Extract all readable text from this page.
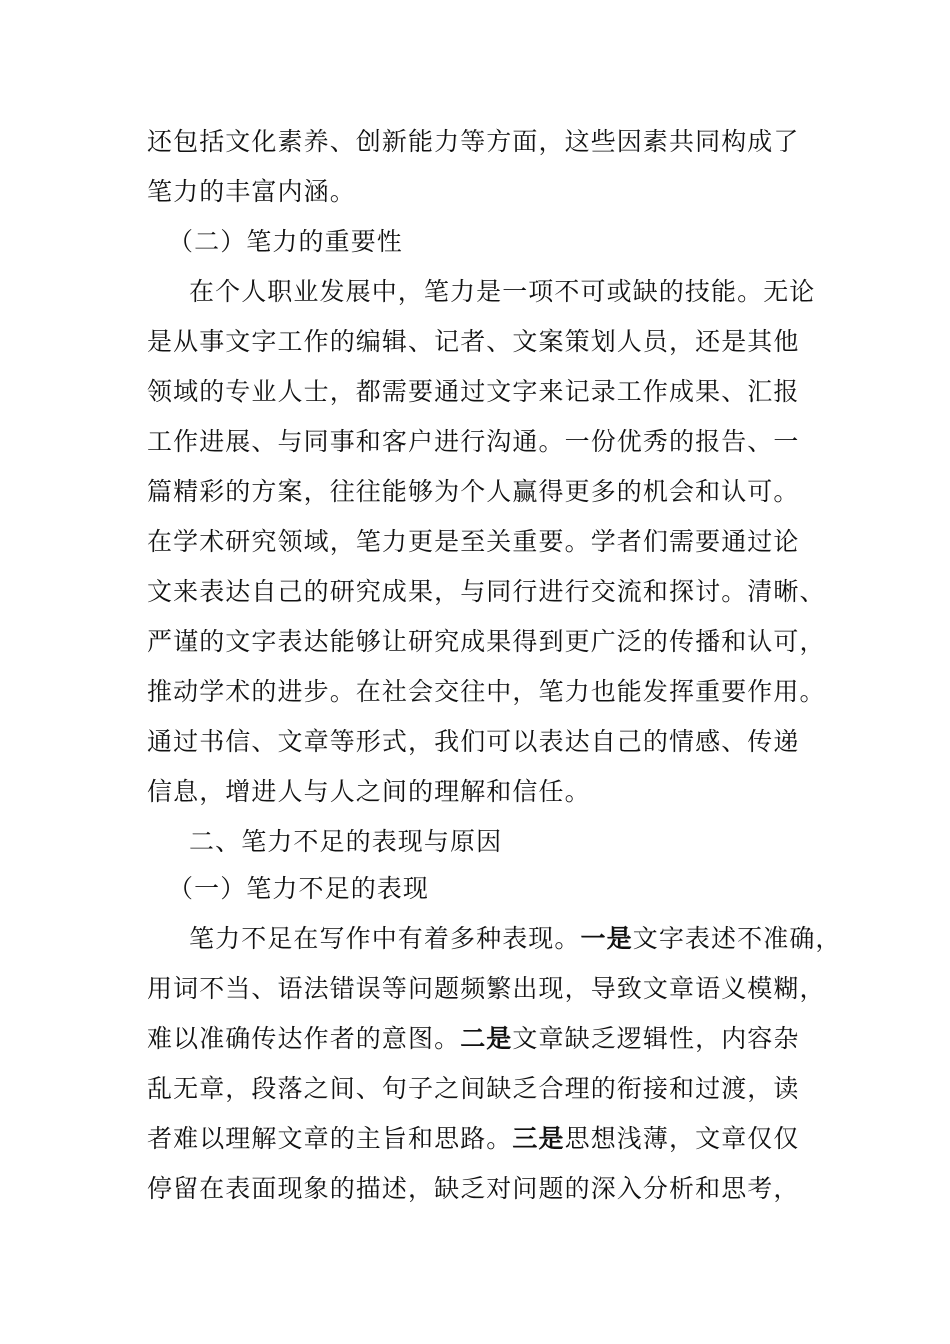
还包括文化素养、创新能力等方面，这些因素共同构成了
笔力的丰富内涵。
（二）笔力的重要性
在个人职业发展中，笔力是一项不可或缺的技能。无论
是从事文字工作的编辑、记者、文案策划人员，还是其他
领域的专业人士，都需要通过文字来记录工作成果、汇报
工作进展、与同事和客户进行沟通。一份优秀的报告、一
篇精彩的方案，往往能够为个人赢得更多的机会和认可。
在学术研究领域，笔力更是至关重要。学者们需要通过论
文来表达自己的研究成果，与同行进行交流和探讨。清晰、
严谨的文字表达能够让研究成果得到更广泛的传播和认可，
推动学术的进步。在社会交往中，笔力也能发挥重要作用。
通过书信、文章等形式，我们可以表达自己的情感、传递
信息，增进人与人之间的理解和信任。
二、笔力不足的表现与原因
（一）笔力不足的表现
笔力不足在写作中有着多种表现。一是文字表述不准确，
用词不当、语法错误等问题频繁出现，导致文章语义模糊，
难以准确传达作者的意图。二是文章缺乏逻辑性，内容杂
乱无章，段落之间、句子之间缺乏合理的衔接和过渡，读
者难以理解文章的主旨和思路。三是思想浅薄，文章仅仅
停留在表面现象的描述，缺乏对问题的深入分析和思考，
